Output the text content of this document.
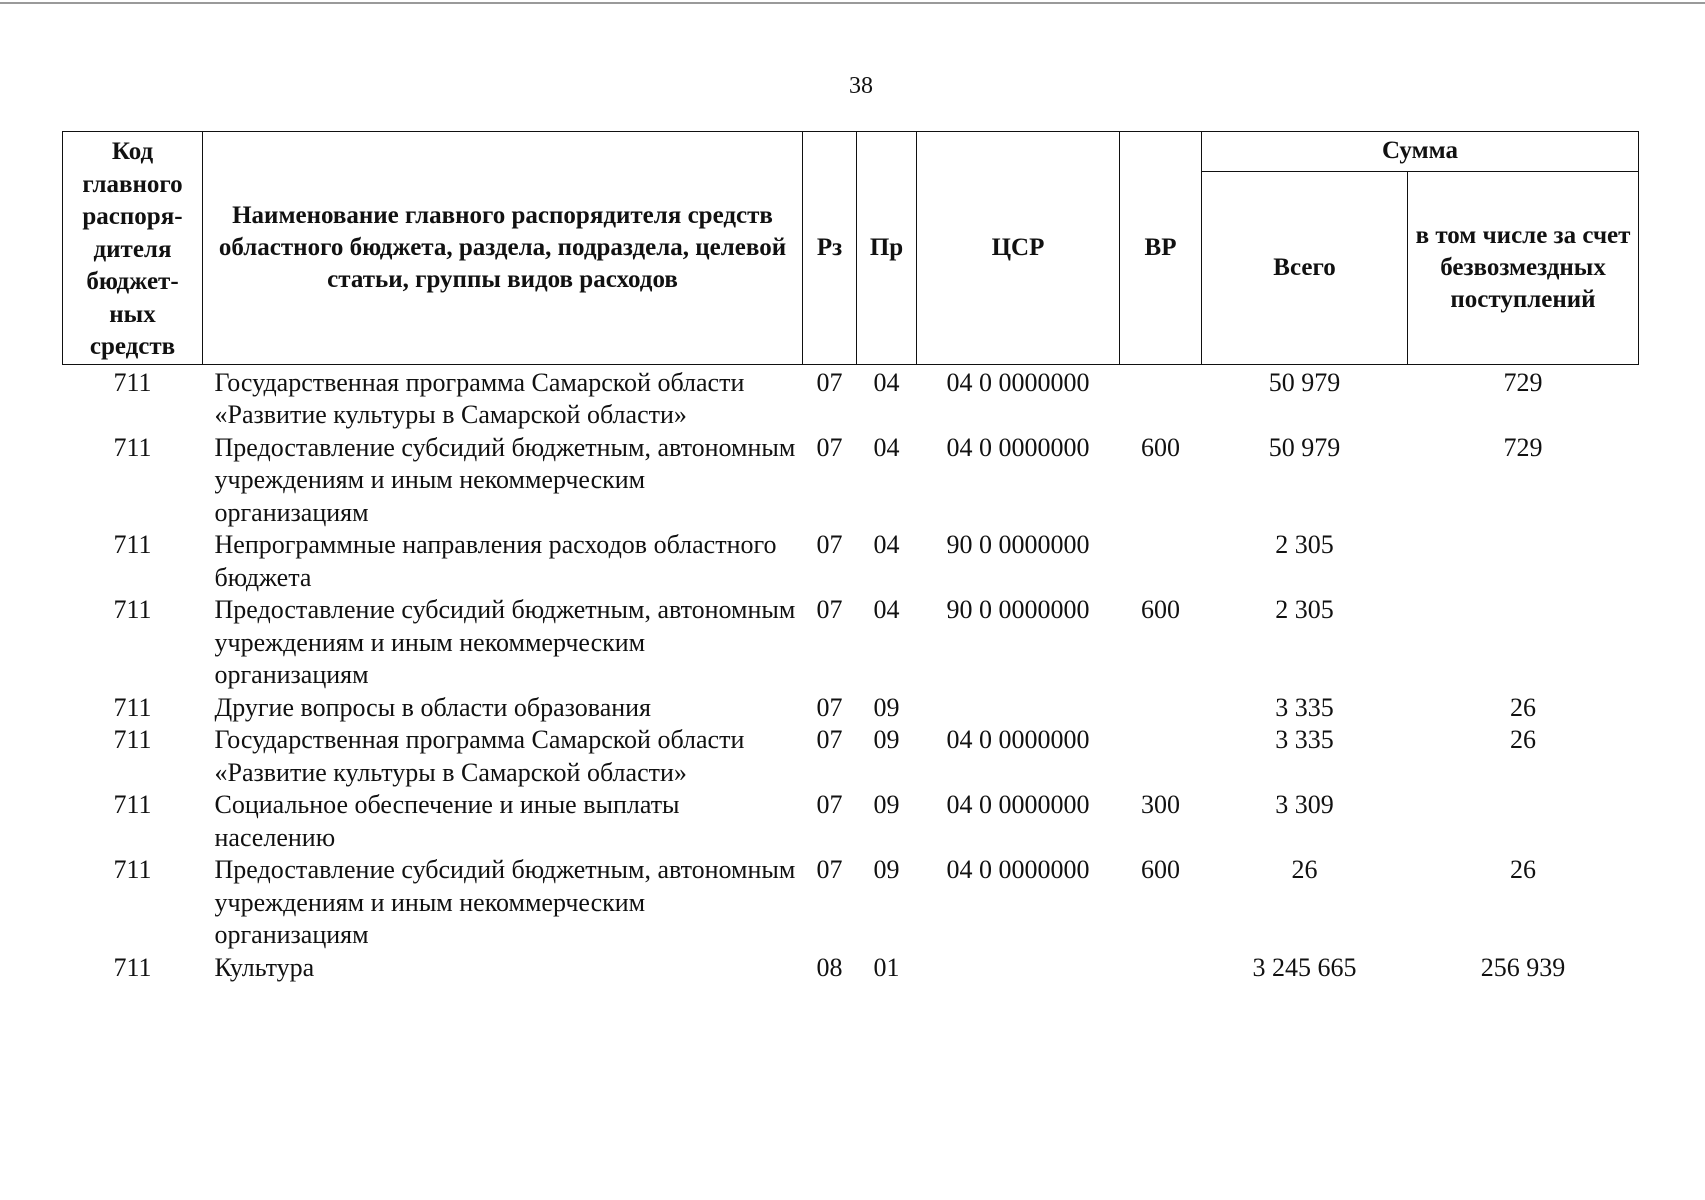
38
Код главного распоря-дителя бюджет-ных средств	Наименование главного распорядителя средств областного бюджета, раздела, подраздела, целевой статьи, группы видов расходов	Рз	Пр	ЦСР	ВР	Сумма	
						Всего	в том числе за счет безвозмездных поступлений
711	Государственная программа Самарской области «Развитие культуры в Самарской области»	07	04	04 0 0000000		50 979	729
711	Предоставление субсидий бюджетным, автономным учреждениям и иным некоммерческим организациям	07	04	04 0 0000000	600	50 979	729
711	Непрограммные направления расходов областного бюджета	07	04	90 0 0000000		2 305	
711	Предоставление субсидий бюджетным, автономным учреждениям и иным некоммерческим организациям	07	04	90 0 0000000	600	2 305	
711	Другие вопросы в области образования	07	09			3 335	26
711	Государственная программа Самарской области «Развитие культуры в Самарской области»	07	09	04 0 0000000		3 335	26
711	Социальное обеспечение и иные выплаты населению	07	09	04 0 0000000	300	3 309	
711	Предоставление субсидий бюджетным, автономным учреждениям и иным некоммерческим организациям	07	09	04 0 0000000	600	26	26
711	Культура	08	01			3 245 665	256 939
